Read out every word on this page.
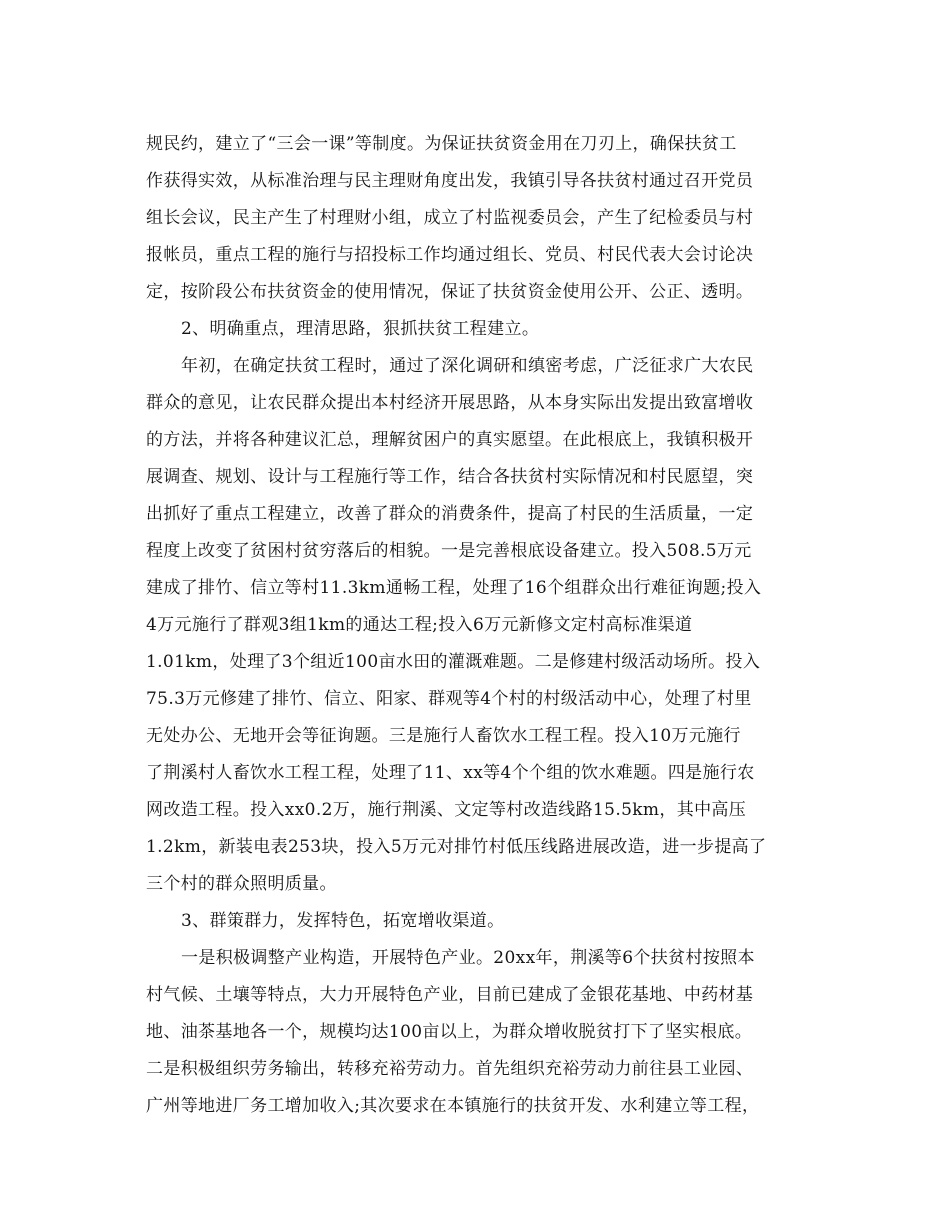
规民约，建立了“三会一课”等制度。为保证扶贫资金用在刀刃上，确保扶贫工
作获得实效，从标准治理与民主理财角度出发，我镇引导各扶贫村通过召开党员
组长会议，民主产生了村理财小组，成立了村监视委员会，产生了纪检委员与村
报帐员，重点工程的施行与招投标工作均通过组长、党员、村民代表大会讨论决
定，按阶段公布扶贫资金的使用情况，保证了扶贫资金使用公开、公正、透明。
2、明确重点，理清思路，狠抓扶贫工程建立。
年初，在确定扶贫工程时，通过了深化调研和缜密考虑，广泛征求广大农民
群众的意见，让农民群众提出本村经济开展思路，从本身实际出发提出致富增收
的方法，并将各种建议汇总，理解贫困户的真实愿望。在此根底上，我镇积极开
展调查、规划、设计与工程施行等工作，结合各扶贫村实际情况和村民愿望，突
出抓好了重点工程建立，改善了群众的消费条件，提高了村民的生活质量，一定
程度上改变了贫困村贫穷落后的相貌。一是完善根底设备建立。投入508.5万元
建成了排竹、信立等村11.3km通畅工程，处理了16个组群众出行难征询题;投入
4万元施行了群观3组1km的通达工程;投入6万元新修文定村高标准渠道
1.01km，处理了3个组近100亩水田的灌溉难题。二是修建村级活动场所。投入
75.3万元修建了排竹、信立、阳家、群观等4个村的村级活动中心，处理了村里
无处办公、无地开会等征询题。三是施行人畜饮水工程工程。投入10万元施行
了荆溪村人畜饮水工程工程，处理了11、xx等4个个组的饮水难题。四是施行农
网改造工程。投入xx0.2万，施行荆溪、文定等村改造线路15.5km，其中高压
1.2km，新装电表253块，投入5万元对排竹村低压线路进展改造，进一步提高了
三个村的群众照明质量。
3、群策群力，发挥特色，拓宽增收渠道。
一是积极调整产业构造，开展特色产业。20xx年，荆溪等6个扶贫村按照本
村气候、土壤等特点，大力开展特色产业，目前已建成了金银花基地、中药材基
地、油茶基地各一个，规模均达100亩以上，为群众增收脱贫打下了坚实根底。
二是积极组织劳务输出，转移充裕劳动力。首先组织充裕劳动力前往县工业园、
广州等地进厂务工增加收入;其次要求在本镇施行的扶贫开发、水利建立等工程，
